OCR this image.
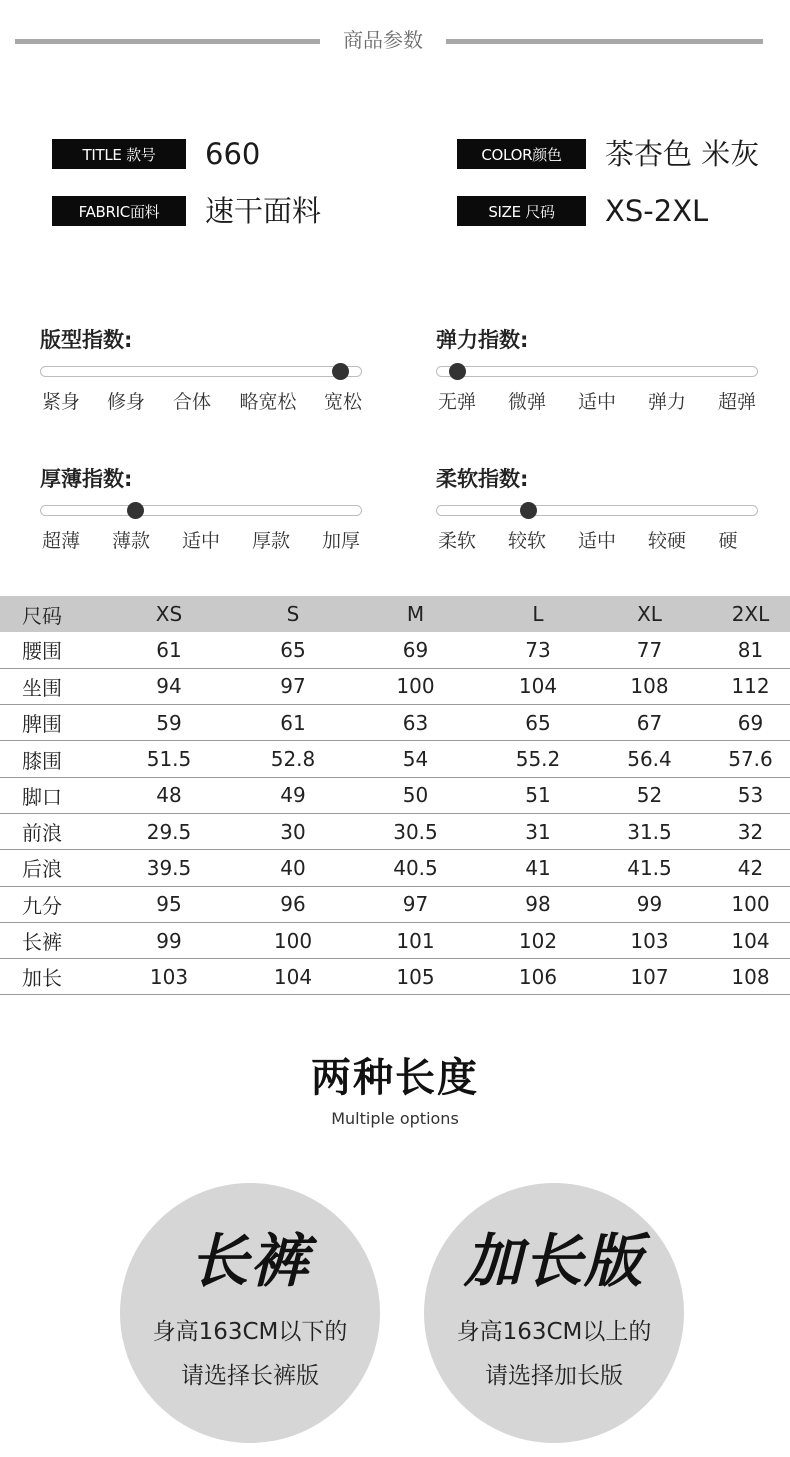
商品参数
TITLE 款号	660	COLOR颜色	茶杏色 米灰
FABRIC面料	速干面料	SIZE 尺码	XS-2XL
版型指数:
紧身 修身 合体 略宽松 宽松
弹力指数:
无弹 微弹 适中 弹力 超弹
厚薄指数:
超薄 薄款 适中 厚款 加厚
柔软指数:
柔软 较软 适中 较硬 硬
尺码	XS	S	M	L	XL	2XL
腰围	61	65	69	73	77	81
坐围	94	97	100	104	108	112
脾围	59	61	63	65	67	69
膝围	51.5	52.8	54	55.2	56.4	57.6
脚口	48	49	50	51	52	53
前浪	29.5	30	30.5	31	31.5	32
后浪	39.5	40	40.5	41	41.5	42
九分	95	96	97	98	99	100
长裤	99	100	101	102	103	104
加长	103	104	105	106	107	108
两种长度
Multiple options
长裤
身高163CM以下的
请选择长裤版
加长版
身高163CM以上的
请选择加长版
